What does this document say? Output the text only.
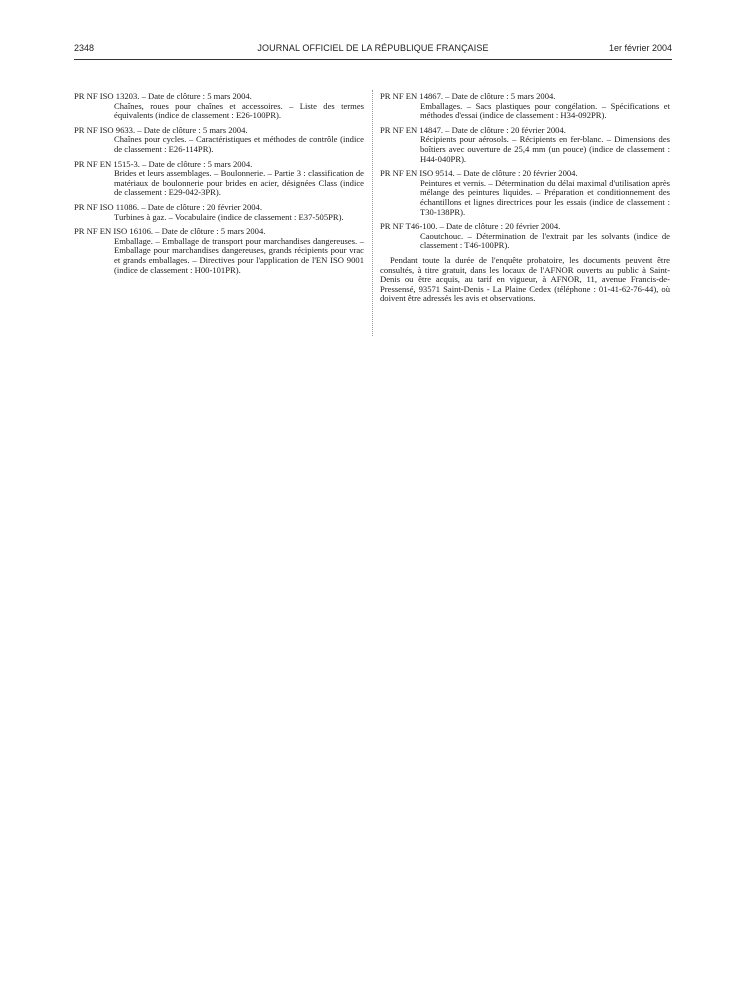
2348	JOURNAL OFFICIEL DE LA RÉPUBLIQUE FRANÇAISE	1er février 2004

PR NF ISO 13203. – Date de clôture : 5 mars 2004.

Chaînes, roues pour chaînes et accessoires. – Liste des termes équivalents (indice de classement : E26-100PR).

PR NF ISO 9633. – Date de clôture : 5 mars 2004.

Chaînes pour cycles. – Caractéristiques et méthodes de contrôle (indice de classement : E26-114PR).

PR NF EN 1515-3. – Date de clôture : 5 mars 2004.

Brides et leurs assemblages. – Boulonnerie. – Partie 3 : classification de matériaux de boulonnerie pour brides en acier, désignées Class (indice de classement : E29-042-3PR).

PR NF ISO 11086. – Date de clôture : 20 février 2004.

Turbines à gaz. – Vocabulaire (indice de classement : E37-505PR).

PR NF EN ISO 16106. – Date de clôture : 5 mars 2004.

Emballage. – Emballage de transport pour marchandises dangereuses. – Emballage pour marchandises dangereuses, grands récipients pour vrac et grands emballages. – Directives pour l'application de l'EN ISO 9001 (indice de classement : H00-101PR).

PR NF EN 14867. – Date de clôture : 5 mars 2004.

Emballages. – Sacs plastiques pour congélation. – Spécifications et méthodes d'essai (indice de classement : H34-092PR).

PR NF EN 14847. – Date de clôture : 20 février 2004.

Récipients pour aérosols. – Récipients en fer-blanc. – Dimensions des boîtiers avec ouverture de 25,4 mm (un pouce) (indice de classement : H44-040PR).

PR NF EN ISO 9514. – Date de clôture : 20 février 2004.

Peintures et vernis. – Détermination du délai maximal d'utilisation après mélange des peintures liquides. – Préparation et conditionnement des échantillons et lignes directrices pour les essais (indice de classement : T30-138PR).

PR NF T46-100. – Date de clôture : 20 février 2004.

Caoutchouc. – Détermination de l'extrait par les solvants (indice de classement : T46-100PR).

Pendant toute la durée de l'enquête probatoire, les documents peuvent être consultés, à titre gratuit, dans les locaux de l'AFNOR ouverts au public à Saint-Denis ou être acquis, au tarif en vigueur, à AFNOR, 11, avenue Francis-de-Pressensé, 93571 Saint-Denis - La Plaine Cedex (téléphone : 01-41-62-76-44), où doivent être adressés les avis et observations.
